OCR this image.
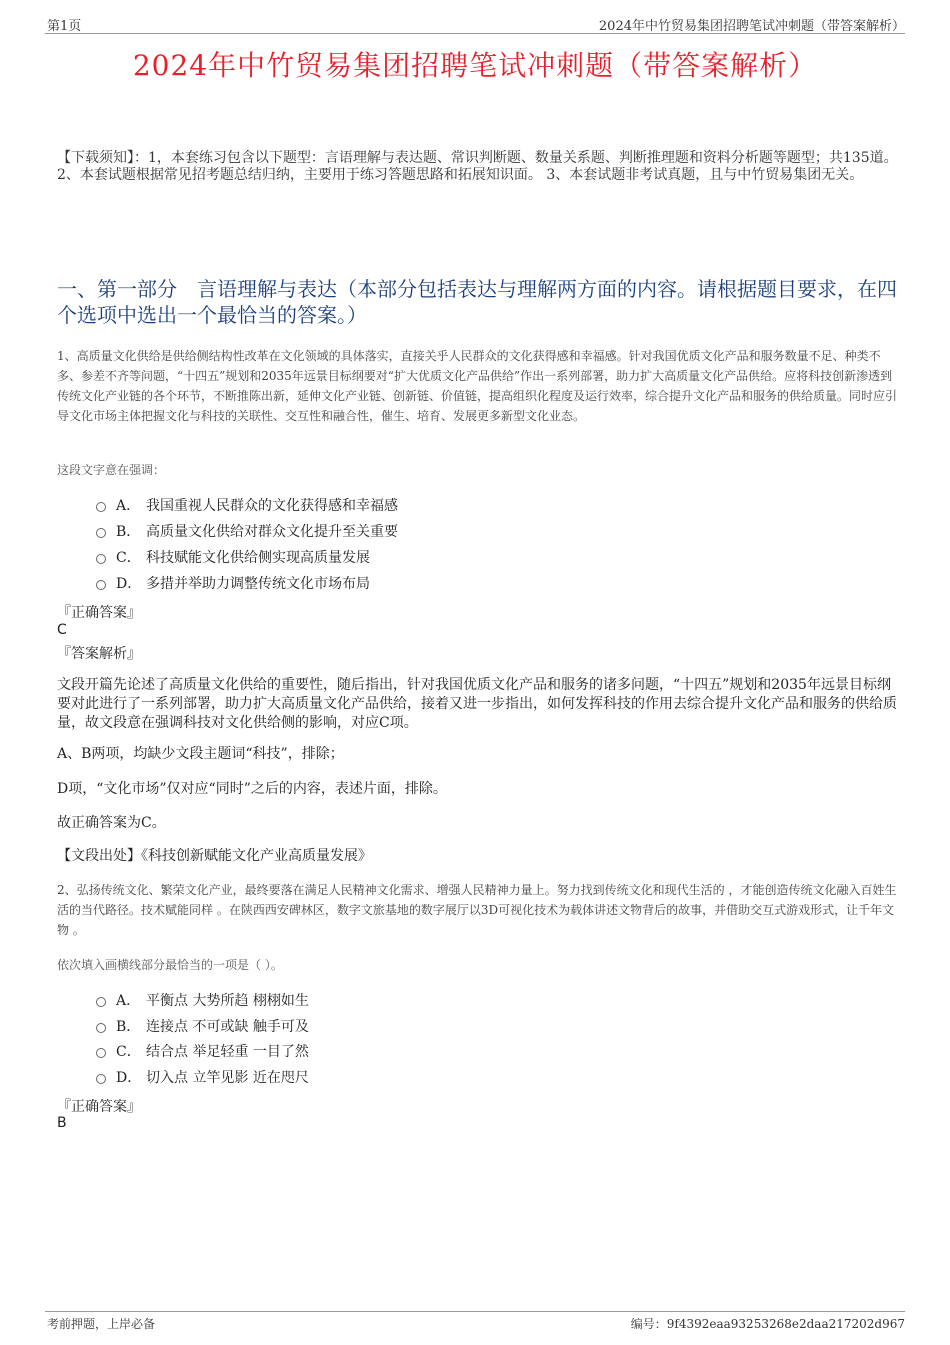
第1页	2024年中竹贸易集团招聘笔试冲刺题（带答案解析）
2024年中竹贸易集团招聘笔试冲刺题（带答案解析）
【下载须知】：1，本套练习包含以下题型：言语理解与表达题、常识判断题、数量关系题、判断推理题和资料分析题等题型；共135道。 2、本套试题根据常见招考题总结归纳，主要用于练习答题思路和拓展知识面。 3、本套试题非考试真题，且与中竹贸易集团无关。
一、第一部分　言语理解与表达（本部分包括表达与理解两方面的内容。请根据题目要求，在四个选项中选出一个最恰当的答案。）
1、高质量文化供给是供给侧结构性改革在文化领域的具体落实，直接关乎人民群众的文化获得感和幸福感。针对我国优质文化产品和服务数量不足、种类不多、参差不齐等问题，“十四五”规划和2035年远景目标纲要对“扩大优质文化产品供给”作出一系列部署，助力扩大高质量文化产品供给。应将科技创新渗透到传统文化产业链的各个环节，不断推陈出新，延伸文化产业链、创新链、价值链，提高组织化程度及运行效率，综合提升文化产品和服务的供给质量。同时应引导文化市场主体把握文化与科技的关联性、交互性和融合性，催生、培育、发展更多新型文化业态。
这段文字意在强调：
A． 我国重视人民群众的文化获得感和幸福感
B． 高质量文化供给对群众文化提升至关重要
C． 科技赋能文化供给侧实现高质量发展
D． 多措并举助力调整传统文化市场布局
『正确答案』
C
『答案解析』
文段开篇先论述了高质量文化供给的重要性，随后指出，针对我国优质文化产品和服务的诸多问题，“十四五”规划和2035年远景目标纲要对此进行了一系列部署，助力扩大高质量文化产品供给，接着又进一步指出，如何发挥科技的作用去综合提升文化产品和服务的供给质量，故文段意在强调科技对文化供给侧的影响，对应C项。
A、B两项，均缺少文段主题词“科技”，排除；
D项，“文化市场”仅对应“同时”之后的内容，表述片面，排除。
故正确答案为C。
【文段出处】《科技创新赋能文化产业高质量发展》
2、弘扬传统文化、繁荣文化产业，最终要落在满足人民精神文化需求、增强人民精神力量上。努力找到传统文化和现代生活的 ，才能创造传统文化融入百姓生活的当代路径。技术赋能同样 。在陕西西安碑林区，数字文旅基地的数字展厅以3D可视化技术为载体讲述文物背后的故事，并借助交互式游戏形式，让千年文物 。
依次填入画横线部分最恰当的一项是（ ）。
A． 平衡点 大势所趋 栩栩如生
B． 连接点 不可或缺 触手可及
C． 结合点 举足轻重 一目了然
D． 切入点 立竿见影 近在咫尺
『正确答案』
B
考前押题，上岸必备	编号：9f4392eaa93253268e2daa217202d967
